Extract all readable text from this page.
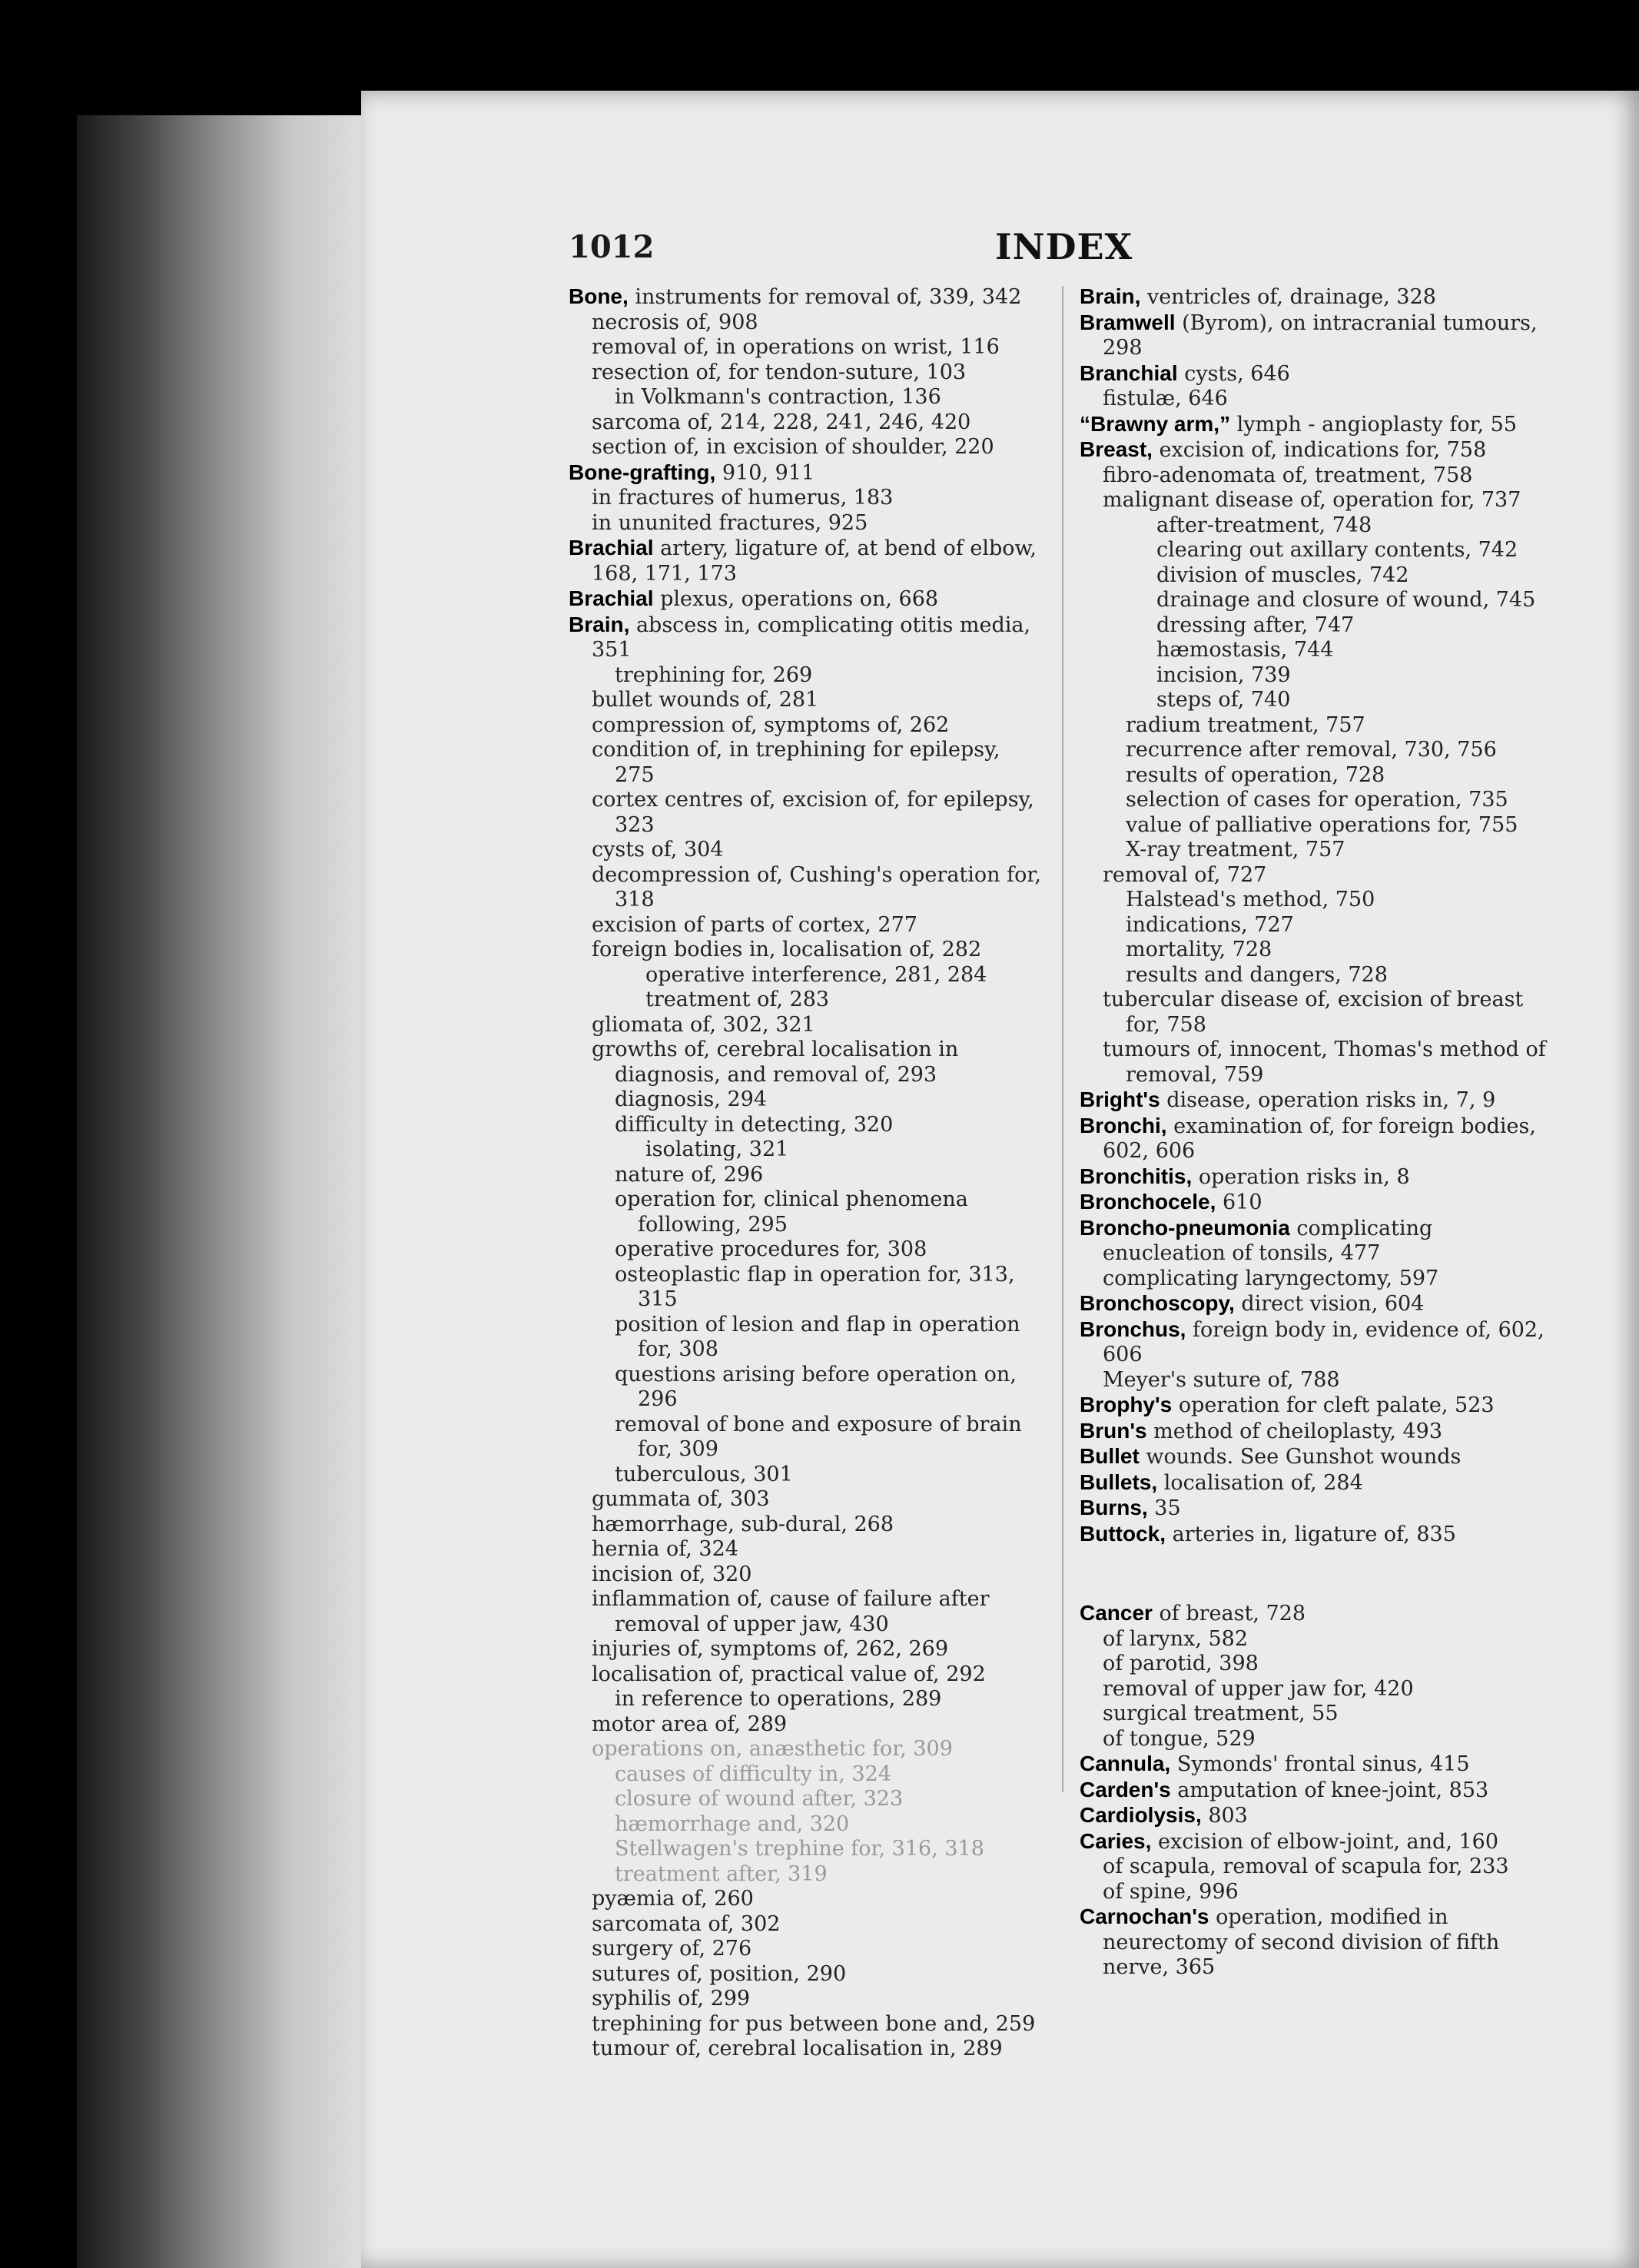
1012	INDEX
Bone, instruments for removal of, 339, 342
necrosis of, 908
removal of, in operations on wrist, 116
resection of, for tendon-suture, 103
in Volkmann's contraction, 136
sarcoma of, 214, 228, 241, 246, 420
section of, in excision of shoulder, 220
Bone-grafting, 910, 911
in fractures of humerus, 183
in ununited fractures, 925
Brachial artery, ligature of, at bend of elbow, 168, 171, 173
Brachial plexus, operations on, 668
Brain, abscess in, complicating otitis media, 351
trephining for, 269
bullet wounds of, 281
compression of, symptoms of, 262
condition of, in trephining for epilepsy, 275
cortex centres of, excision of, for epilepsy, 323
cysts of, 304
decompression of, Cushing's operation for, 318
excision of parts of cortex, 277
foreign bodies in, localisation of, 282
operative interference, 281, 284
treatment of, 283
gliomata of, 302, 321
growths of, cerebral localisation in diagnosis, and removal of, 293
diagnosis, 294
difficulty in detecting, 320
isolating, 321
nature of, 296
operation for, clinical phenomena following, 295
operative procedures for, 308
osteoplastic flap in operation for, 313, 315
position of lesion and flap in operation for, 308
questions arising before operation on, 296
removal of bone and exposure of brain for, 309
tuberculous, 301
gummata of, 303
hæmorrhage, sub-dural, 268
hernia of, 324
incision of, 320
inflammation of, cause of failure after removal of upper jaw, 430
injuries of, symptoms of, 262, 269
localisation of, practical value of, 292
in reference to operations, 289
motor area of, 289
operations on, anæsthetic for, 309
causes of difficulty in, 324
closure of wound after, 323
hæmorrhage and, 320
Stellwagen's trephine for, 316, 318
treatment after, 319
pyæmia of, 260
sarcomata of, 302
surgery of, 276
sutures of, position, 290
syphilis of, 299
trephining for pus between bone and, 259
tumour of, cerebral localisation in, 289
Brain, ventricles of, drainage, 328
Bramwell (Byrom), on intracranial tumours, 298
Branchial cysts, 646
fistulæ, 646
“Brawny arm,” lymph - angioplasty for, 55
Breast, excision of, indications for, 758
fibro-adenomata of, treatment, 758
malignant disease of, operation for, 737
after-treatment, 748
clearing out axillary contents, 742
division of muscles, 742
drainage and closure of wound, 745
dressing after, 747
hæmostasis, 744
incision, 739
steps of, 740
radium treatment, 757
recurrence after removal, 730, 756
results of operation, 728
selection of cases for operation, 735
value of palliative operations for, 755
X-ray treatment, 757
removal of, 727
Halstead's method, 750
indications, 727
mortality, 728
results and dangers, 728
tubercular disease of, excision of breast for, 758
tumours of, innocent, Thomas's method of removal, 759
Bright's disease, operation risks in, 7, 9
Bronchi, examination of, for foreign bodies, 602, 606
Bronchitis, operation risks in, 8
Bronchocele, 610
Broncho-pneumonia complicating enucleation of tonsils, 477
complicating laryngectomy, 597
Bronchoscopy, direct vision, 604
Bronchus, foreign body in, evidence of, 602, 606
Meyer's suture of, 788
Brophy's operation for cleft palate, 523
Brun's method of cheiloplasty, 493
Bullet wounds. See Gunshot wounds
Bullets, localisation of, 284
Burns, 35
Buttock, arteries in, ligature of, 835
Cancer of breast, 728
of larynx, 582
of parotid, 398
removal of upper jaw for, 420
surgical treatment, 55
of tongue, 529
Cannula, Symonds' frontal sinus, 415
Carden's amputation of knee-joint, 853
Cardiolysis, 803
Caries, excision of elbow-joint, and, 160
of scapula, removal of scapula for, 233
of spine, 996
Carnochan's operation, modified in neurectomy of second division of fifth nerve, 365
